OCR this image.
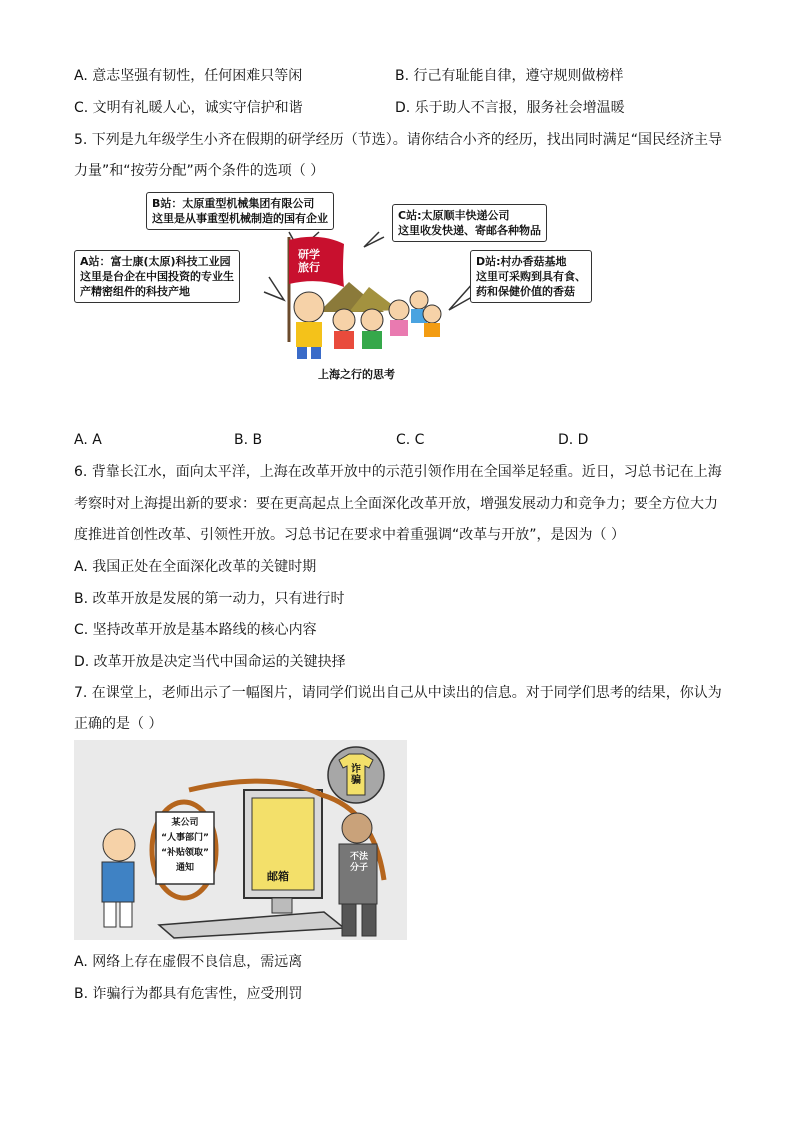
A. 意志坚强有韧性，任何困难只等闲	B. 行己有耻能自律，遵守规则做榜样
C. 文明有礼暖人心，诚实守信护和谐	D. 乐于助人不言报，服务社会增温暖
5. 下列是九年级学生小齐在假期的研学经历（节选）。请你结合小齐的经历，找出同时满足“国民经济主导
力量”和“按劳分配”两个条件的选项（ ）
B站：太原重型机械集团有限公司
这里是从事重型机械制造的国有企业	C站:太原顺丰快递公司
这里收发快递、寄邮各种物品
A站：富士康(太原)科技工业园
这里是台企在中国投资的专业生
产精密组件的科技产地
D站:村办香菇基地
这里可采购到具有食、
药和保健价值的香菇
研学
旅行
上海之行的思考
A. A	B. B	C. C	D. D
6. 背靠长江水，面向太平洋，上海在改革开放中的示范引领作用在全国举足轻重。近日，习总书记在上海
考察时对上海提出新的要求：要在更高起点上全面深化改革开放，增强发展动力和竞争力；要全方位大力
度推进首创性改革、引领性开放。习总书记在要求中着重强调“改革与开放”，是因为（ ）
A. 我国正处在全面深化改革的关键时期
B. 改革开放是发展的第一动力，只有进行时
C. 坚持改革开放是基本路线的核心内容
D. 改革开放是决定当代中国命运的关键抉择
7. 在课堂上，老师出示了一幅图片，请同学们说出自己从中读出的信息。对于同学们思考的结果，你认为
正确的是（ ）
某公司
“人事部门”
“补贴领取”
通知
诈
骗
邮箱
不法
分子
A. 网络上存在虚假不良信息，需远离
B. 诈骗行为都具有危害性，应受刑罚
